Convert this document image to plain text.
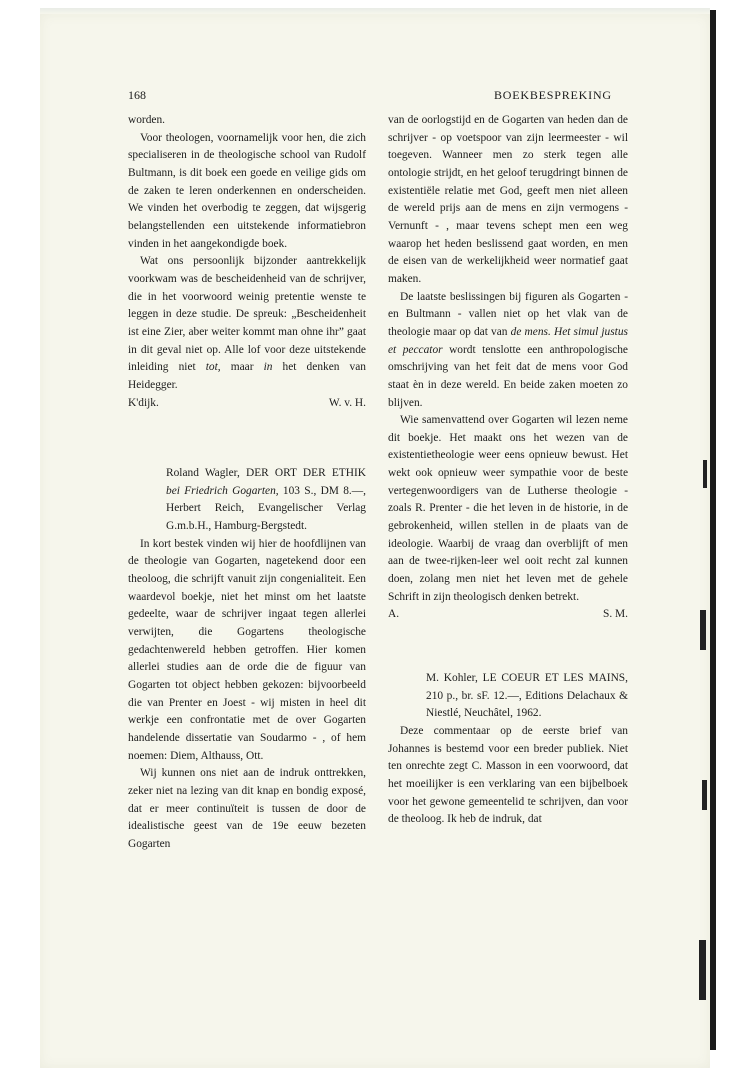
168	BOEKBESPREKING

worden.

Voor theologen, voornamelijk voor hen, die zich specialiseren in de theologische school van Rudolf Bultmann, is dit boek een goede en veilige gids om de zaken te leren onderkennen en onderscheiden. We vinden het overbodig te zeggen, dat wijsgerig belangstellenden een uitstekende informatiebron vinden in het aangekondigde boek.

Wat ons persoonlijk bijzonder aantrekkelijk voorkwam was de bescheidenheid van de schrijver, die in het voorwoord weinig pretentie wenste te leggen in deze studie. De spreuk: „Bescheidenheit ist eine Zier, aber weiter kommt man ohne ihr” gaat in dit geval niet op. Alle lof voor deze uitstekende inleiding niet tot, maar in het denken van Heidegger.

K'dijk.	W. v. H.

Roland Wagler, DER ORT DER ETHIK bei Friedrich Gogarten, 103 S., DM 8.—, Herbert Reich, Evangelischer Verlag G.m.b.H., Hamburg-Bergstedt.

In kort bestek vinden wij hier de hoofdlijnen van de theologie van Gogarten, nagetekend door een theoloog, die schrijft vanuit zijn congenialiteit. Een waardevol boekje, niet het minst om het laatste gedeelte, waar de schrijver ingaat tegen allerlei verwijten, die Gogartens theologische gedachtenwereld hebben getroffen. Hier komen allerlei studies aan de orde die de figuur van Gogarten tot object hebben gekozen: bijvoorbeeld die van Prenter en Joest - wij misten in heel dit werkje een confrontatie met de over Gogarten handelende dissertatie van Soudarmo - , of hem noemen: Diem, Althauss, Ott.

Wij kunnen ons niet aan de indruk onttrekken, zeker niet na lezing van dit knap en bondig exposé, dat er meer continuïteit is tussen de door de idealistische geest van de 19e eeuw bezeten Gogarten

van de oorlogstijd en de Gogarten van heden dan de schrijver - op voetspoor van zijn leermeester - wil toegeven. Wanneer men zo sterk tegen alle ontologie strijdt, en het geloof terugdringt binnen de existentiële relatie met God, geeft men niet alleen de wereld prijs aan de mens en zijn vermogens - Vernunft - , maar tevens schept men een weg waarop het heden beslissend gaat worden, en men de eisen van de werkelijkheid weer normatief gaat maken.

De laatste beslissingen bij figuren als Gogarten - en Bultmann - vallen niet op het vlak van de theologie maar op dat van de mens. Het simul justus et peccator wordt tenslotte een anthropologische omschrijving van het feit dat de mens voor God staat èn in deze wereld. En beide zaken moeten zo blijven.

Wie samenvattend over Gogarten wil lezen neme dit boekje. Het maakt ons het wezen van de existentietheologie weer eens opnieuw bewust. Het wekt ook opnieuw weer sympathie voor de beste vertegenwoordigers van de Lutherse theologie - zoals R. Prenter - die het leven in de historie, in de gebrokenheid, willen stellen in de plaats van de ideologie. Waarbij de vraag dan overblijft of men aan de twee-rijken-leer wel ooit recht zal kunnen doen, zolang men niet het leven met de gehele Schrift in zijn theologisch denken betrekt.

A.	S. M.

M. Kohler, LE COEUR ET LES MAINS, 210 p., br. sF. 12.—, Editions Delachaux & Niestlé, Neuchâtel, 1962.

Deze commentaar op de eerste brief van Johannes is bestemd voor een breder publiek. Niet ten onrechte zegt C. Masson in een voorwoord, dat het moeilijker is een verklaring van een bijbelboek voor het gewone gemeentelid te schrijven, dan voor de theoloog. Ik heb de indruk, dat
